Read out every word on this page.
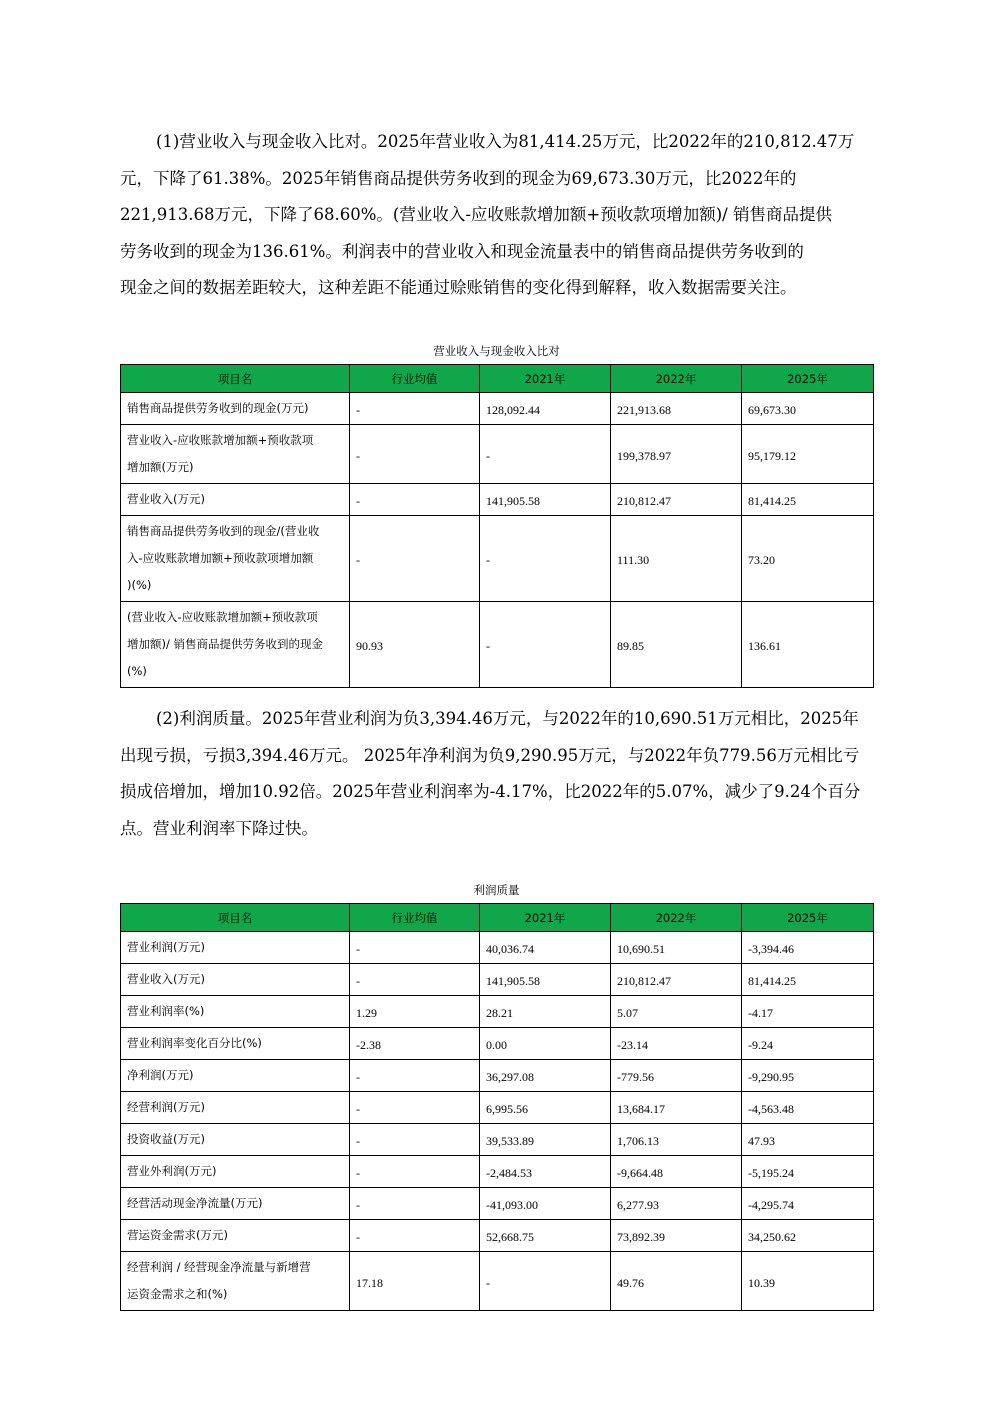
(1)营业收入与现金收入比对。2025年营业收入为81,414.25万元，比2022年的210,812.47万
元，下降了61.38%。2025年销售商品提供劳务收到的现金为69,673.30万元，比2022年的
221,913.68万元，下降了68.60%。(营业收入-应收账款增加额+预收款项增加额)/ 销售商品提供
劳务收到的现金为136.61%。利润表中的营业收入和现金流量表中的销售商品提供劳务收到的
现金之间的数据差距较大，这种差距不能通过赊账销售的变化得到解释，收入数据需要关注。

营业收入与现金收入比对
项目名	行业均值	2021年	2022年	2025年
销售商品提供劳务收到的现金(万元)	-	128,092.44	221,913.68	69,673.30
营业收入-应收账款增加额+预收款项
增加额(万元)	-	-	199,378.97	95,179.12
营业收入(万元)	-	141,905.58	210,812.47	81,414.25
销售商品提供劳务收到的现金/(营业收
入-应收账款增加额+预收款项增加额
)(%)	-	-	111.30	73.20
(营业收入-应收账款增加额+预收款项
增加额)/ 销售商品提供劳务收到的现金
(%)	90.93	-	89.85	136.61

(2)利润质量。2025年营业利润为负3,394.46万元，与2022年的10,690.51万元相比，2025年
出现亏损，亏损3,394.46万元。 2025年净利润为负9,290.95万元，与2022年负779.56万元相比亏
损成倍增加，增加10.92倍。2025年营业利润率为-4.17%，比2022年的5.07%，减少了9.24个百分
点。营业利润率下降过快。

利润质量
项目名	行业均值	2021年	2022年	2025年
营业利润(万元)	-	40,036.74	10,690.51	-3,394.46
营业收入(万元)	-	141,905.58	210,812.47	81,414.25
营业利润率(%)	1.29	28.21	5.07	-4.17
营业利润率变化百分比(%)	-2.38	0.00	-23.14	-9.24
净利润(万元)	-	36,297.08	-779.56	-9,290.95
经营利润(万元)	-	6,995.56	13,684.17	-4,563.48
投资收益(万元)	-	39,533.89	1,706.13	47.93
营业外利润(万元)	-	-2,484.53	-9,664.48	-5,195.24
经营活动现金净流量(万元)	-	-41,093.00	6,277.93	-4,295.74
营运资金需求(万元)	-	52,668.75	73,892.39	34,250.62
经营利润 / 经营现金净流量与新增营
运资金需求之和(%)	17.18	-	49.76	10.39
